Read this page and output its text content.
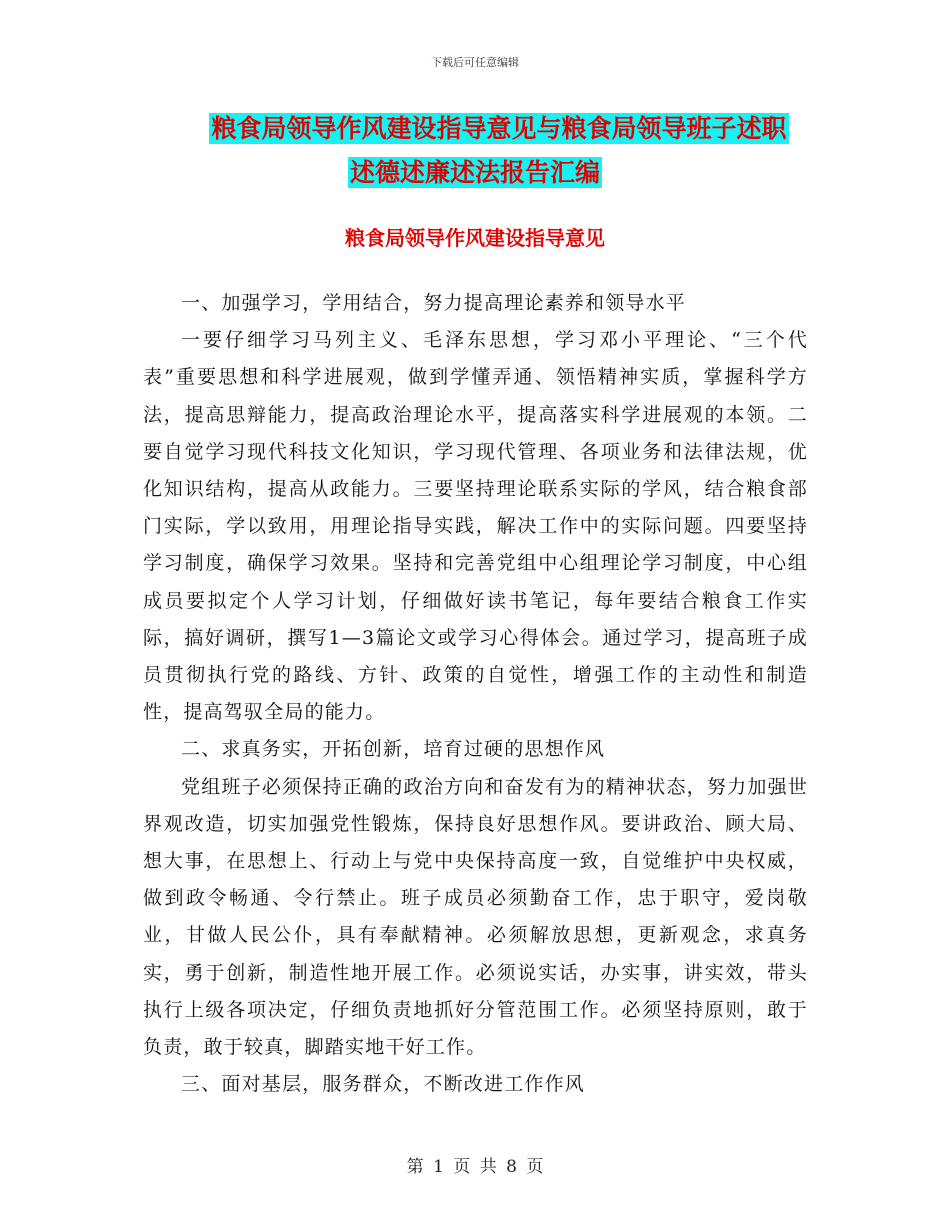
下载后可任意编辑
粮食局领导作风建设指导意见与粮食局领导班子述职
述德述廉述法报告汇编
粮食局领导作风建设指导意见

一、加强学习，学用结合，努力提高理论素养和领导水平

一要仔细学习马列主义、毛泽东思想，学习邓小平理论、“三个代表”重要思想和科学进展观，做到学懂弄通、领悟精神实质，掌握科学方法，提高思辩能力，提高政治理论水平，提高落实科学进展观的本领。二要自觉学习现代科技文化知识，学习现代管理、各项业务和法律法规，优化知识结构，提高从政能力。三要坚持理论联系实际的学风，结合粮食部门实际，学以致用，用理论指导实践，解决工作中的实际问题。四要坚持学习制度，确保学习效果。坚持和完善党组中心组理论学习制度，中心组成员要拟定个人学习计划，仔细做好读书笔记，每年要结合粮食工作实际，搞好调研，撰写1—3篇论文或学习心得体会。通过学习，提高班子成员贯彻执行党的路线、方针、政策的自觉性，增强工作的主动性和制造性，提高驾驭全局的能力。

二、求真务实，开拓创新，培育过硬的思想作风

党组班子必须保持正确的政治方向和奋发有为的精神状态，努力加强世界观改造，切实加强党性锻炼，保持良好思想作风。要讲政治、顾大局、想大事，在思想上、行动上与党中央保持高度一致，自觉维护中央权威，做到政令畅通、令行禁止。班子成员必须勤奋工作，忠于职守，爱岗敬业，甘做人民公仆，具有奉献精神。必须解放思想，更新观念，求真务实，勇于创新，制造性地开展工作。必须说实话，办实事，讲实效，带头执行上级各项决定，仔细负责地抓好分管范围工作。必须坚持原则，敢于负责，敢于较真，脚踏实地干好工作。

三、面对基层，服务群众，不断改进工作作风

第 1 页 共 8 页
